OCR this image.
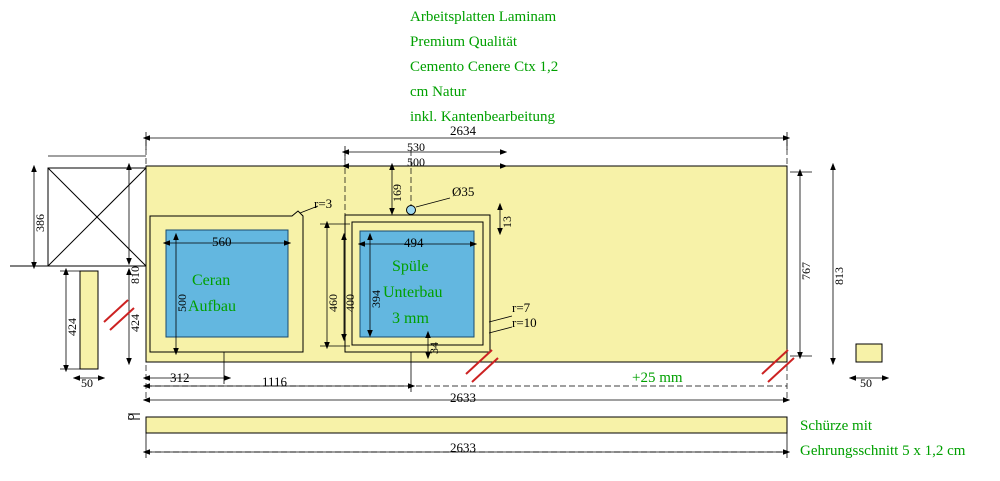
Arbeitsplatten Laminam
Premium Qualität
Cemento Cenere Ctx 1,2
cm Natur
inkl. Kantenbearbeitung
Ceran
Aufbau
Spüle
Unterbau
3 mm
+25 mm
Schürze mit
Gehrungsschnitt 5 x 1,2 cm
2634
530
500
169
386
810
424	424
50	50
560
500	460 400 394
494
34
13
312	1116
2633
2633
767 813
Ø35
r=3
r=7
r=10
